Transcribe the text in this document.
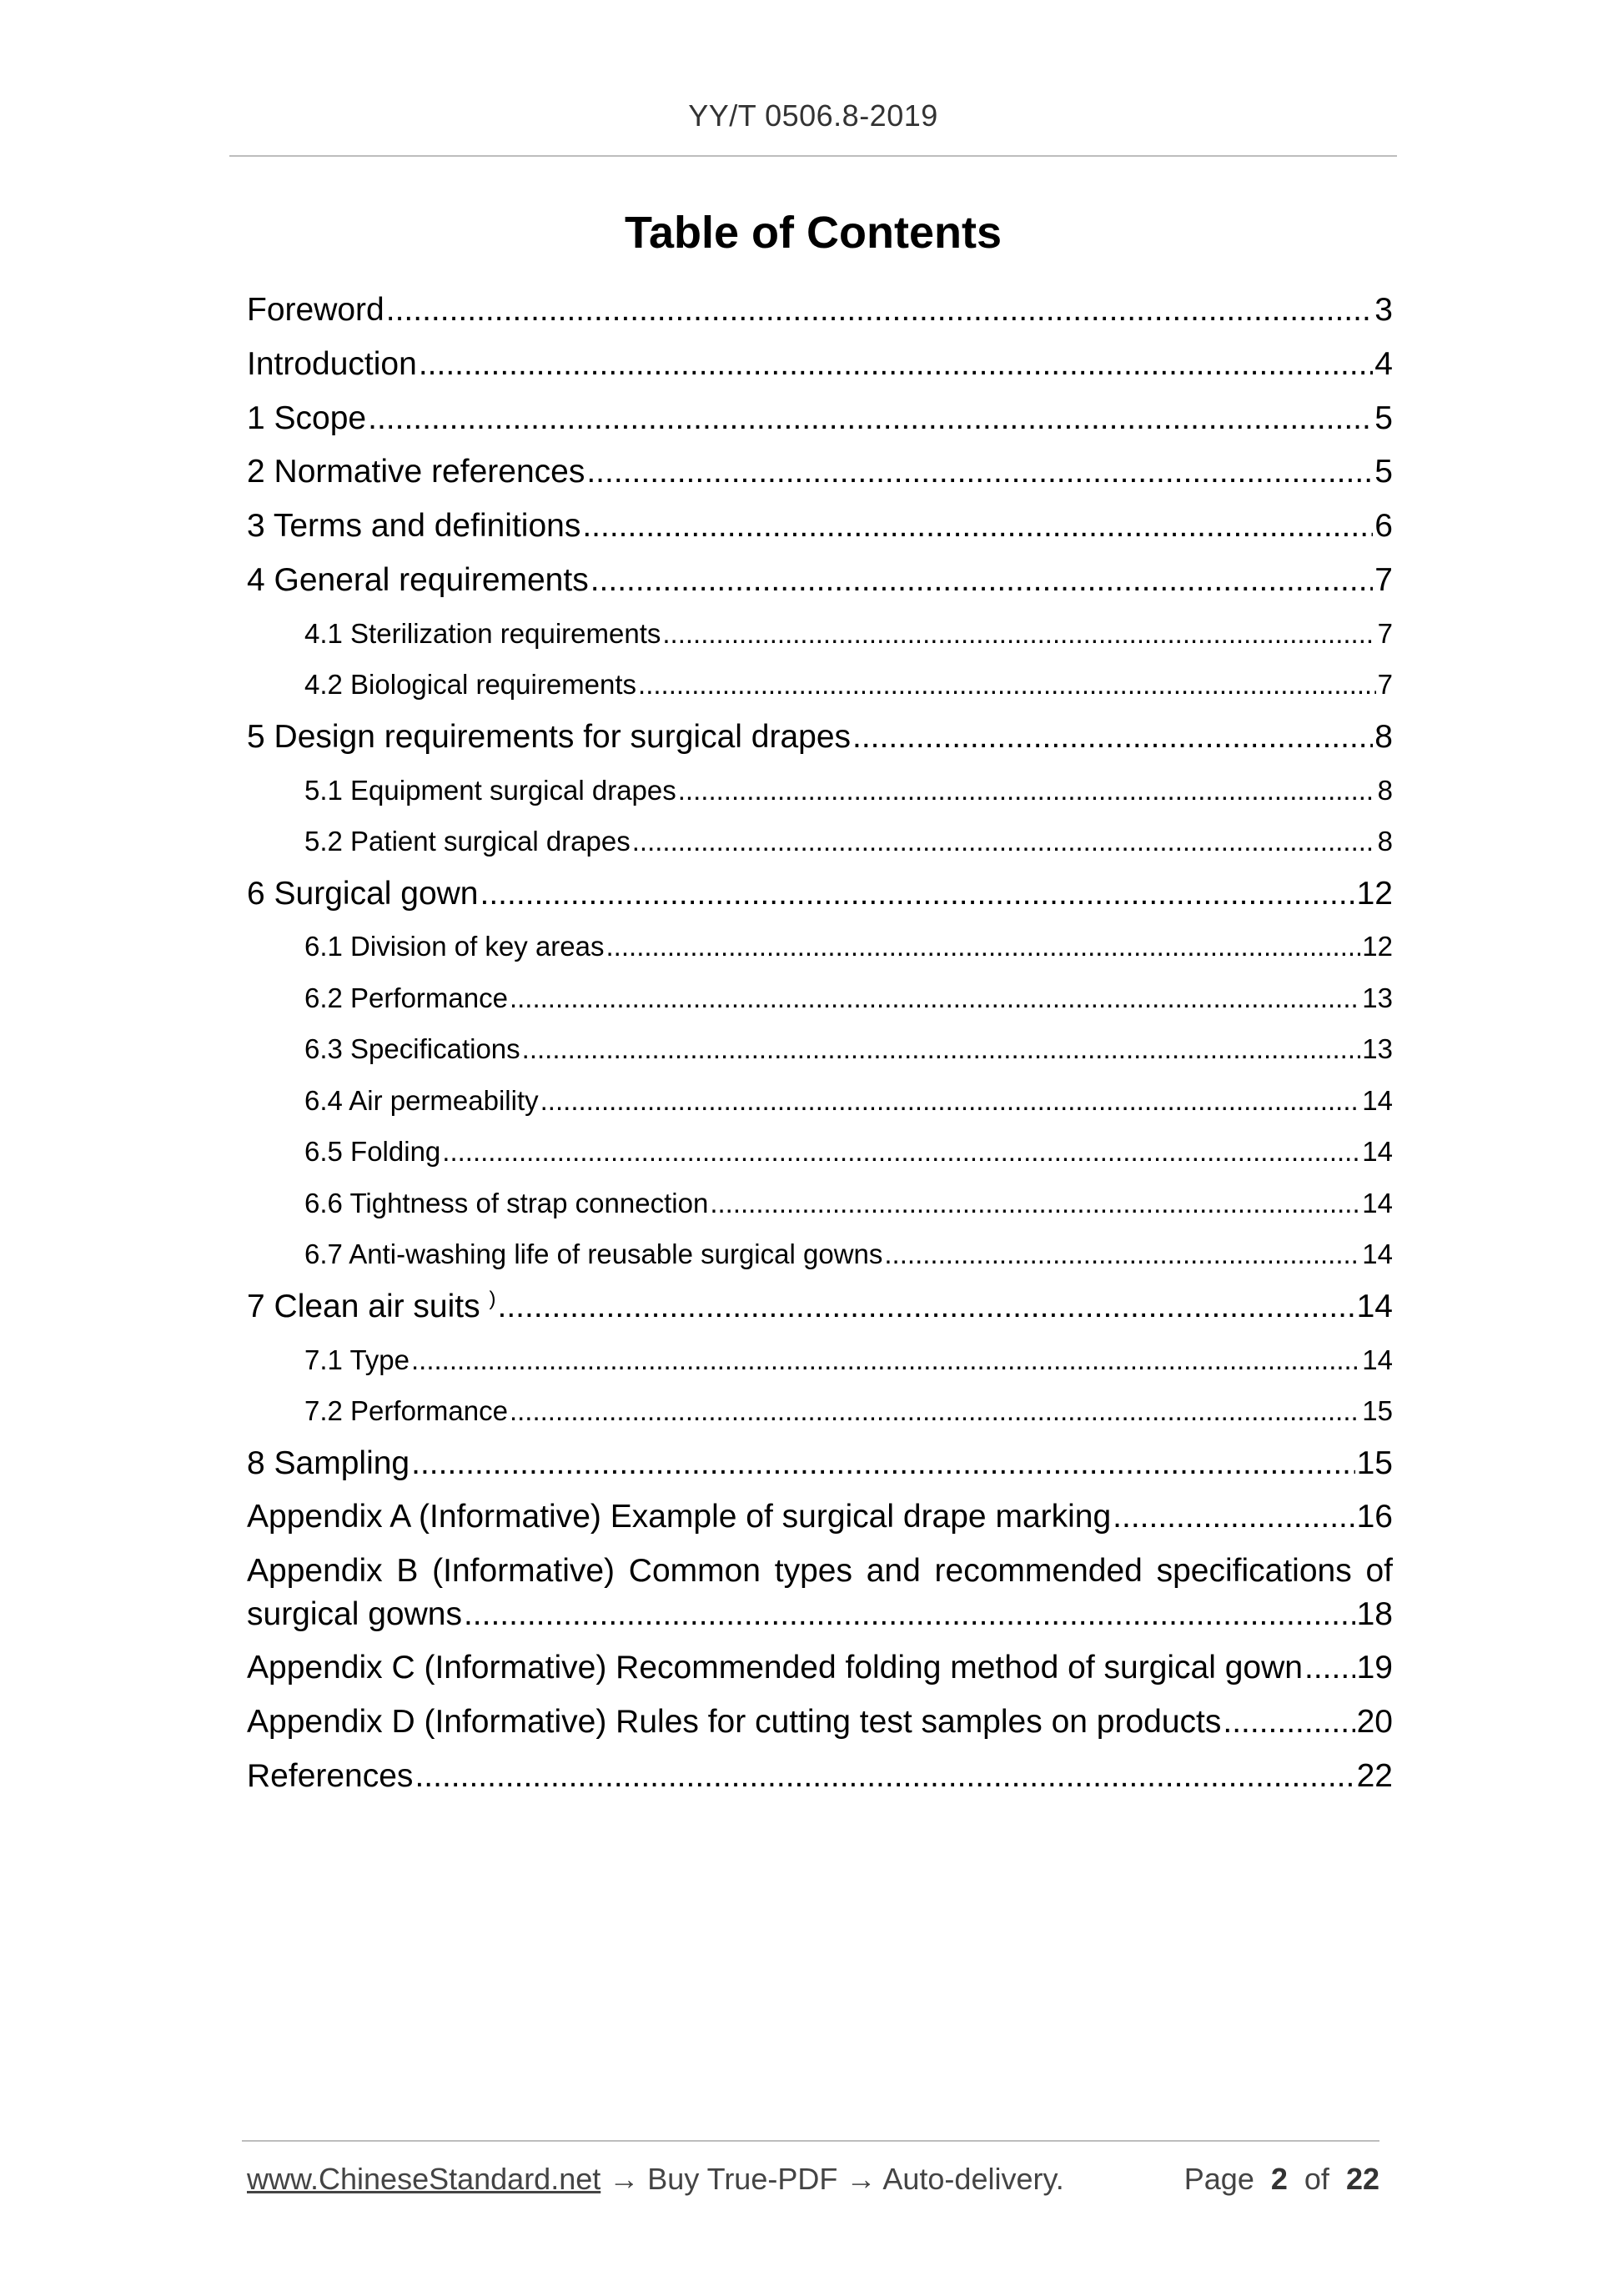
YY/T 0506.8-2019
Table of Contents
Foreword .....	3
Introduction .....	4
1 Scope .....	5
2 Normative references .....	5
3 Terms and definitions .....	6
4 General requirements .....	7
4.1 Sterilization requirements .....	7
4.2 Biological requirements .....	7
5 Design requirements for surgical drapes .....	8
5.1 Equipment surgical drapes .....	8
5.2 Patient surgical drapes .....	8
6 Surgical gown .....	12
6.1 Division of key areas .....	12
6.2 Performance .....	13
6.3 Specifications .....	13
6.4 Air permeability .....	14
6.5 Folding .....	14
6.6 Tightness of strap connection .....	14
6.7 Anti-washing life of reusable surgical gowns .....	14
7 Clean air suits ) .....	14
7.1 Type .....	14
7.2 Performance .....	15
8 Sampling .....	15
Appendix A (Informative) Example of surgical drape marking .....	16
Appendix B (Informative) Common types and recommended specifications of
surgical gowns .....	18
Appendix C (Informative) Recommended folding method of surgical gown ..... 19
Appendix D (Informative) Rules for cutting test samples on products .....	20
References .....	22
www.ChineseStandard.net → Buy True-PDF → Auto-delivery.	Page 2 of 22
